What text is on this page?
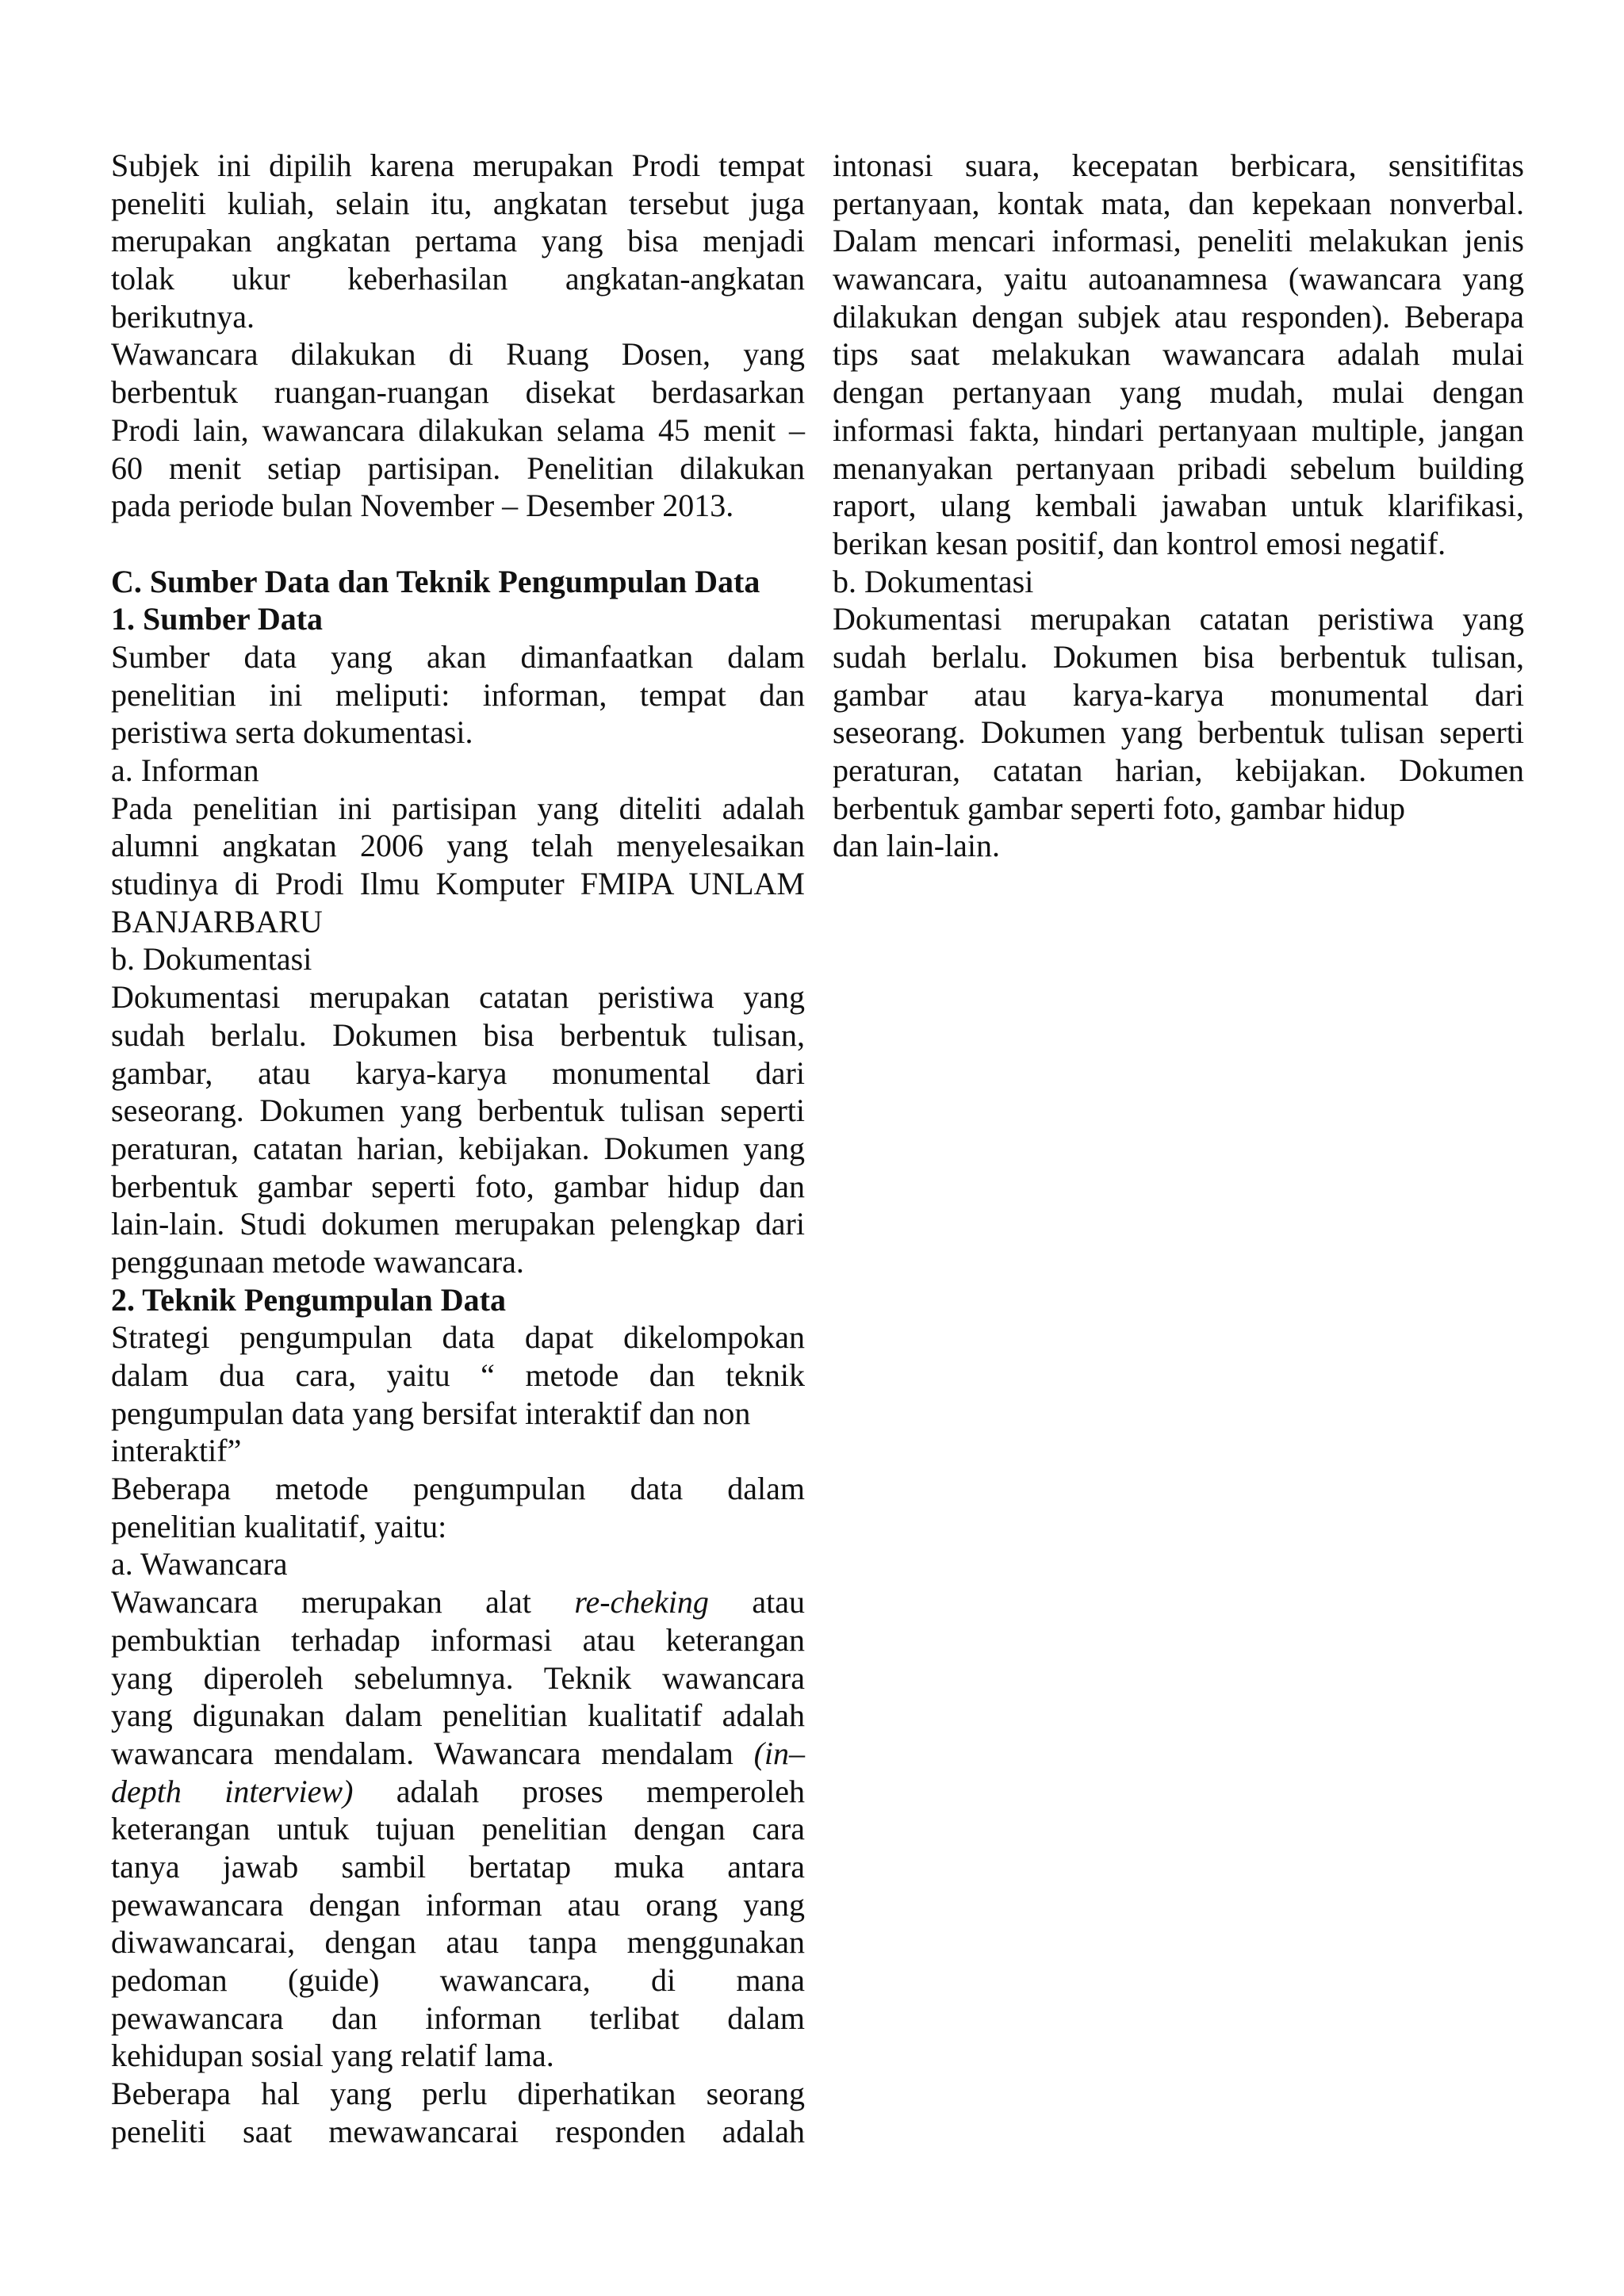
Subjek ini dipilih karena merupakan Prodi tempat
peneliti kuliah, selain itu, angkatan tersebut juga
merupakan angkatan pertama yang bisa menjadi
tolak ukur keberhasilan angkatan-angkatan
berikutnya.
Wawancara dilakukan di Ruang Dosen, yang
berbentuk ruangan-ruangan disekat berdasarkan
Prodi lain, wawancara dilakukan selama 45 menit –
60 menit setiap partisipan. Penelitian dilakukan
pada periode bulan November – Desember 2013.
C. Sumber Data dan Teknik Pengumpulan Data
1. Sumber Data
Sumber data yang akan dimanfaatkan dalam
penelitian ini meliputi: informan, tempat dan
peristiwa serta dokumentasi.
a. Informan
Pada penelitian ini partisipan yang diteliti adalah
alumni angkatan 2006 yang telah menyelesaikan
studinya di Prodi Ilmu Komputer FMIPA UNLAM
BANJARBARU
b. Dokumentasi
Dokumentasi merupakan catatan peristiwa yang
sudah berlalu. Dokumen bisa berbentuk tulisan,
gambar, atau karya-karya monumental dari
seseorang. Dokumen yang berbentuk tulisan seperti
peraturan, catatan harian, kebijakan. Dokumen yang
berbentuk gambar seperti foto, gambar hidup dan
lain-lain. Studi dokumen merupakan pelengkap dari
penggunaan metode wawancara.
2. Teknik Pengumpulan Data
Strategi pengumpulan data dapat dikelompokan
dalam dua cara, yaitu “ metode dan teknik
pengumpulan data yang bersifat interaktif dan non
interaktif”
Beberapa metode pengumpulan data dalam
penelitian kualitatif, yaitu:
a. Wawancara
Wawancara merupakan alat re-cheking atau
pembuktian terhadap informasi atau keterangan
yang diperoleh sebelumnya. Teknik wawancara
yang digunakan dalam penelitian kualitatif adalah
wawancara mendalam. Wawancara mendalam (in–
depth interview) adalah proses memperoleh
keterangan untuk tujuan penelitian dengan cara
tanya jawab sambil bertatap muka antara
pewawancara dengan informan atau orang yang
diwawancarai, dengan atau tanpa menggunakan
pedoman (guide) wawancara, di mana
pewawancara dan informan terlibat dalam
kehidupan sosial yang relatif lama.
Beberapa hal yang perlu diperhatikan seorang
peneliti saat mewawancarai responden adalah
intonasi suara, kecepatan berbicara, sensitifitas
pertanyaan, kontak mata, dan kepekaan nonverbal.
Dalam mencari informasi, peneliti melakukan jenis
wawancara, yaitu autoanamnesa (wawancara yang
dilakukan dengan subjek atau responden). Beberapa
tips saat melakukan wawancara adalah mulai
dengan pertanyaan yang mudah, mulai dengan
informasi fakta, hindari pertanyaan multiple, jangan
menanyakan pertanyaan pribadi sebelum building
raport, ulang kembali jawaban untuk klarifikasi,
berikan kesan positif, dan kontrol emosi negatif.
b. Dokumentasi
Dokumentasi merupakan catatan peristiwa yang
sudah berlalu. Dokumen bisa berbentuk tulisan,
gambar atau karya-karya monumental dari
seseorang. Dokumen yang berbentuk tulisan seperti
peraturan, catatan harian, kebijakan. Dokumen
berbentuk gambar seperti foto, gambar hidup
dan lain-lain.
